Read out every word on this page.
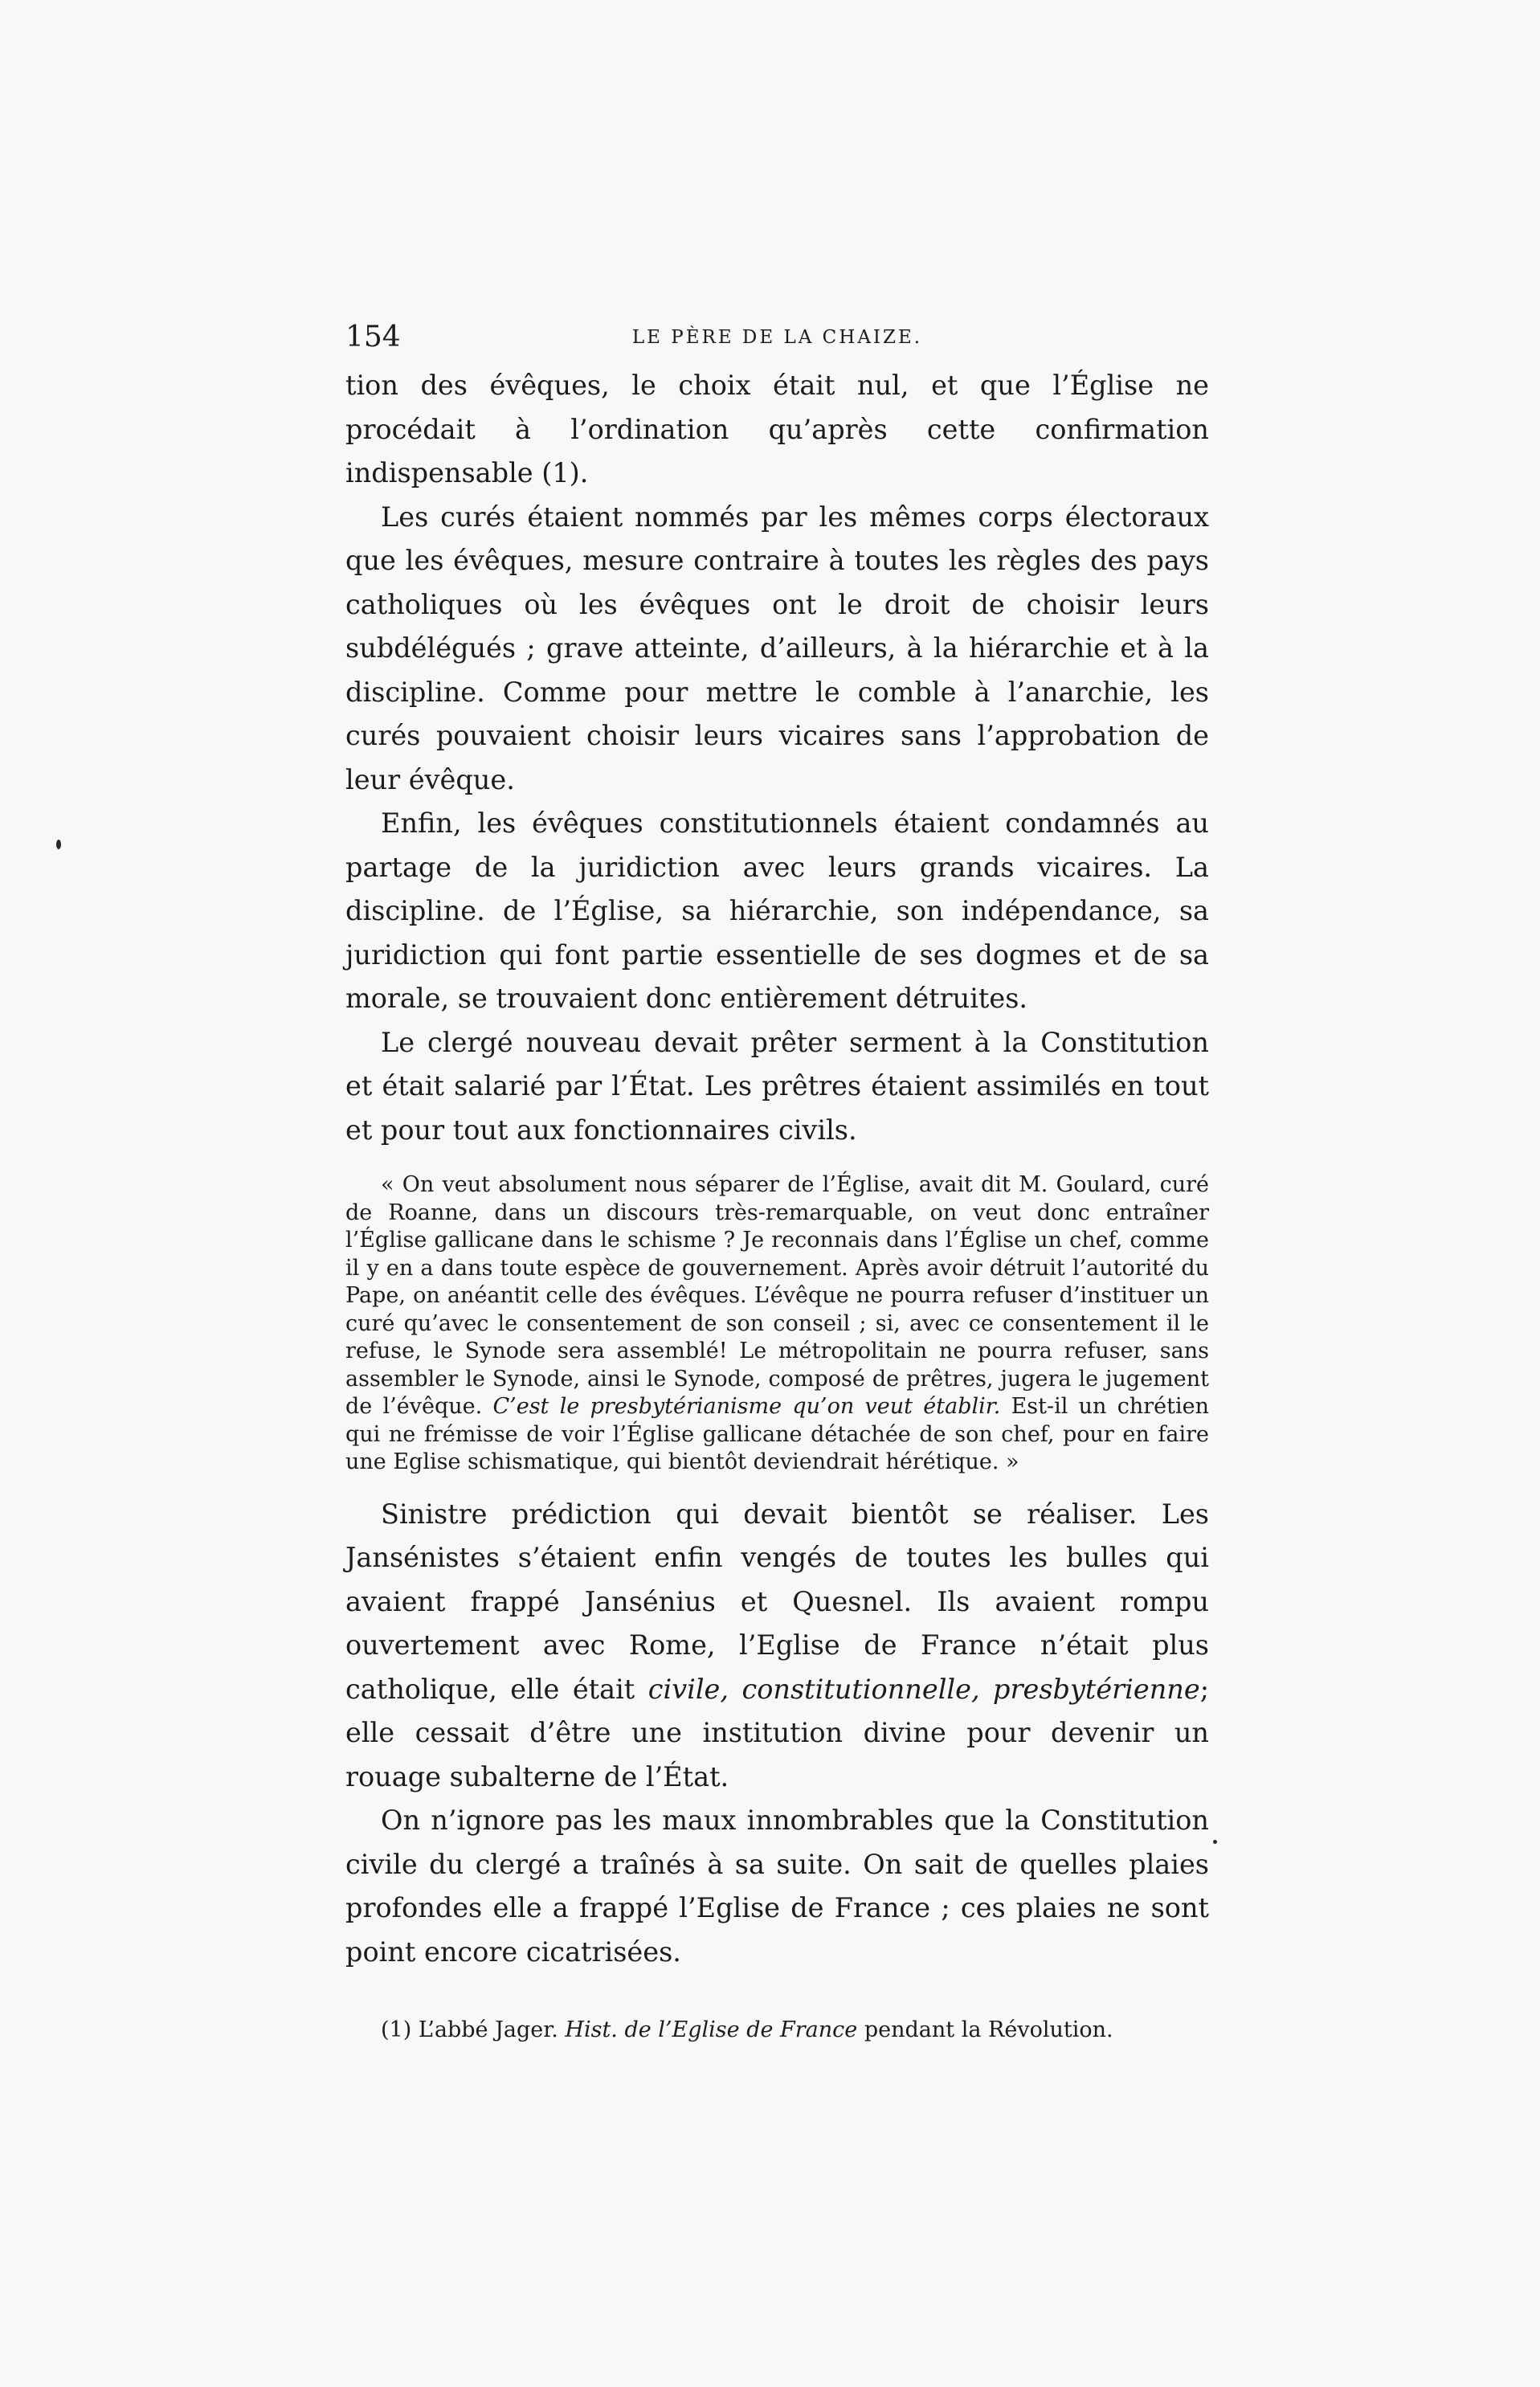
154	LE PÈRE DE LA CHAIZE.

tion des évêques, le choix était nul, et que l’Église ne procédait à l’ordination qu’après cette confirmation indispensable (1).

Les curés étaient nommés par les mêmes corps électoraux que les évêques, mesure contraire à toutes les règles des pays catholiques où les évêques ont le droit de choisir leurs subdélégués ; grave atteinte, d’ailleurs, à la hiérarchie et à la discipline. Comme pour mettre le comble à l’anarchie, les curés pouvaient choisir leurs vicaires sans l’approbation de leur évêque.

Enfin, les évêques constitutionnels étaient condamnés au partage de la juridiction avec leurs grands vicaires. La discipline. de l’Église, sa hiérarchie, son indépendance, sa juridiction qui font partie essentielle de ses dogmes et de sa morale, se trouvaient donc entièrement détruites.

Le clergé nouveau devait prêter serment à la Constitution et était salarié par l’État. Les prêtres étaient assimilés en tout et pour tout aux fonctionnaires civils.

« On veut absolument nous séparer de l’Église, avait dit M. Goulard, curé de Roanne, dans un discours très-remarquable, on veut donc entraîner l’Église gallicane dans le schisme ? Je reconnais dans l’Église un chef, comme il y en a dans toute espèce de gouvernement. Après avoir détruit l’autorité du Pape, on anéantit celle des évêques. L’évêque ne pourra refuser d’instituer un curé qu’avec le consentement de son conseil ; si, avec ce consentement il le refuse, le Synode sera assemblé! Le métropolitain ne pourra refuser, sans assembler le Synode, ainsi le Synode, composé de prêtres, jugera le jugement de l’évêque. C’est le presbytérianisme qu’on veut établir. Est-il un chrétien qui ne frémisse de voir l’Église gallicane détachée de son chef, pour en faire une Eglise schismatique, qui bientôt deviendrait hérétique. »

Sinistre prédiction qui devait bientôt se réaliser. Les Jansénistes s’étaient enfin vengés de toutes les bulles qui avaient frappé Jansénius et Quesnel. Ils avaient rompu ouvertement avec Rome, l’Eglise de France n’était plus catholique, elle était civile, constitutionnelle, presbytérienne; elle cessait d’être une institution divine pour devenir un rouage subalterne de l’État.

On n’ignore pas les maux innombrables que la Constitution civile du clergé a traînés à sa suite. On sait de quelles plaies profondes elle a frappé l’Eglise de France ; ces plaies ne sont point encore cicatrisées.

(1) L’abbé Jager. Hist. de l’Eglise de France pendant la Révolution.
